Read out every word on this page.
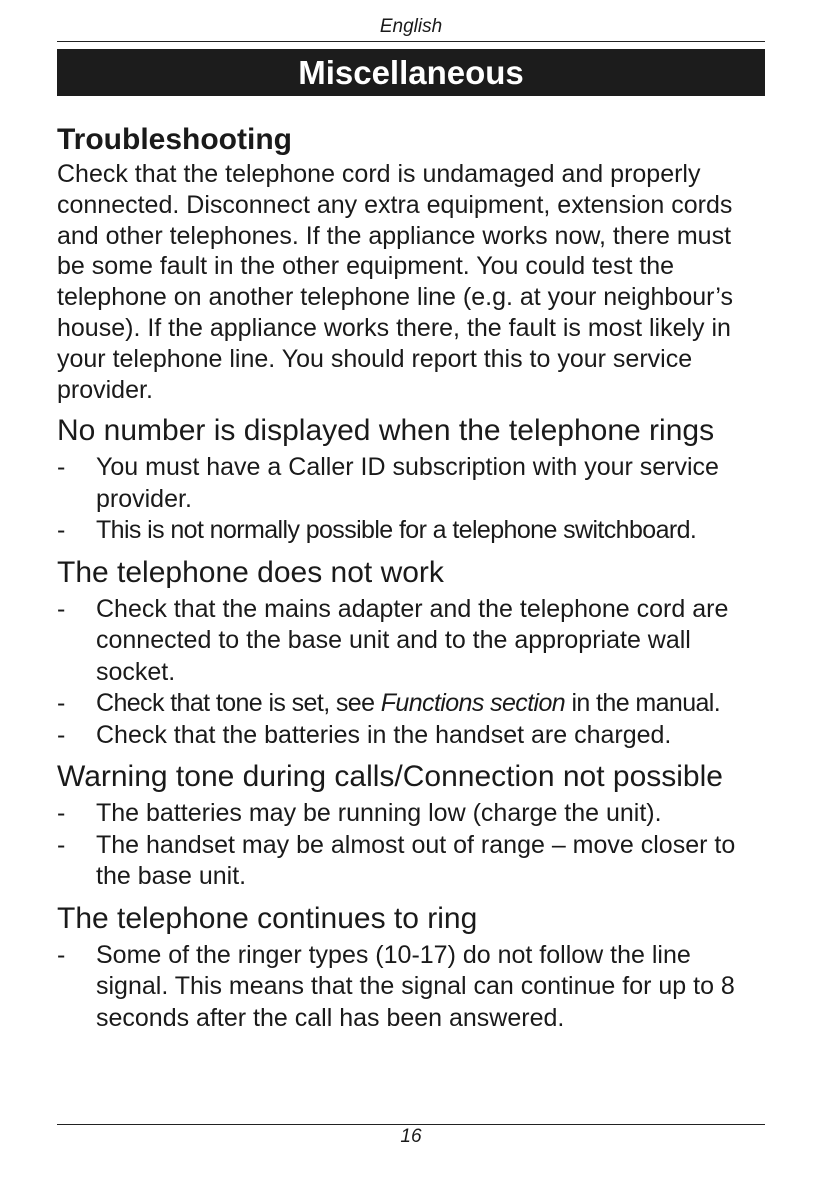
English
Miscellaneous
Troubleshooting

Check that the telephone cord is undamaged and properly connected. Disconnect any extra equipment, extension cords and other telephones. If the appliance works now, there must be some fault in the other equipment. You could test the telephone on another telephone line (e.g. at your neighbour’s house). If the appliance works there, the fault is most likely in your telephone line. You should report this to your service provider.

No number is displayed when the telephone rings
- You must have a Caller ID subscription with your service provider.
- This is not normally possible for a telephone switchboard.
The telephone does not work
- Check that the mains adapter and the telephone cord are connected to the base unit and to the appropriate wall socket.
- Check that tone is set, see Functions section in the manual.
- Check that the batteries in the handset are charged.
Warning tone during calls/Connection not possible
- The batteries may be running low (charge the unit).
- The handset may be almost out of range – move closer to the base unit.
The telephone continues to ring
- Some of the ringer types (10-17) do not follow the line signal. This means that the signal can continue for up to 8 seconds after the call has been answered.
16
